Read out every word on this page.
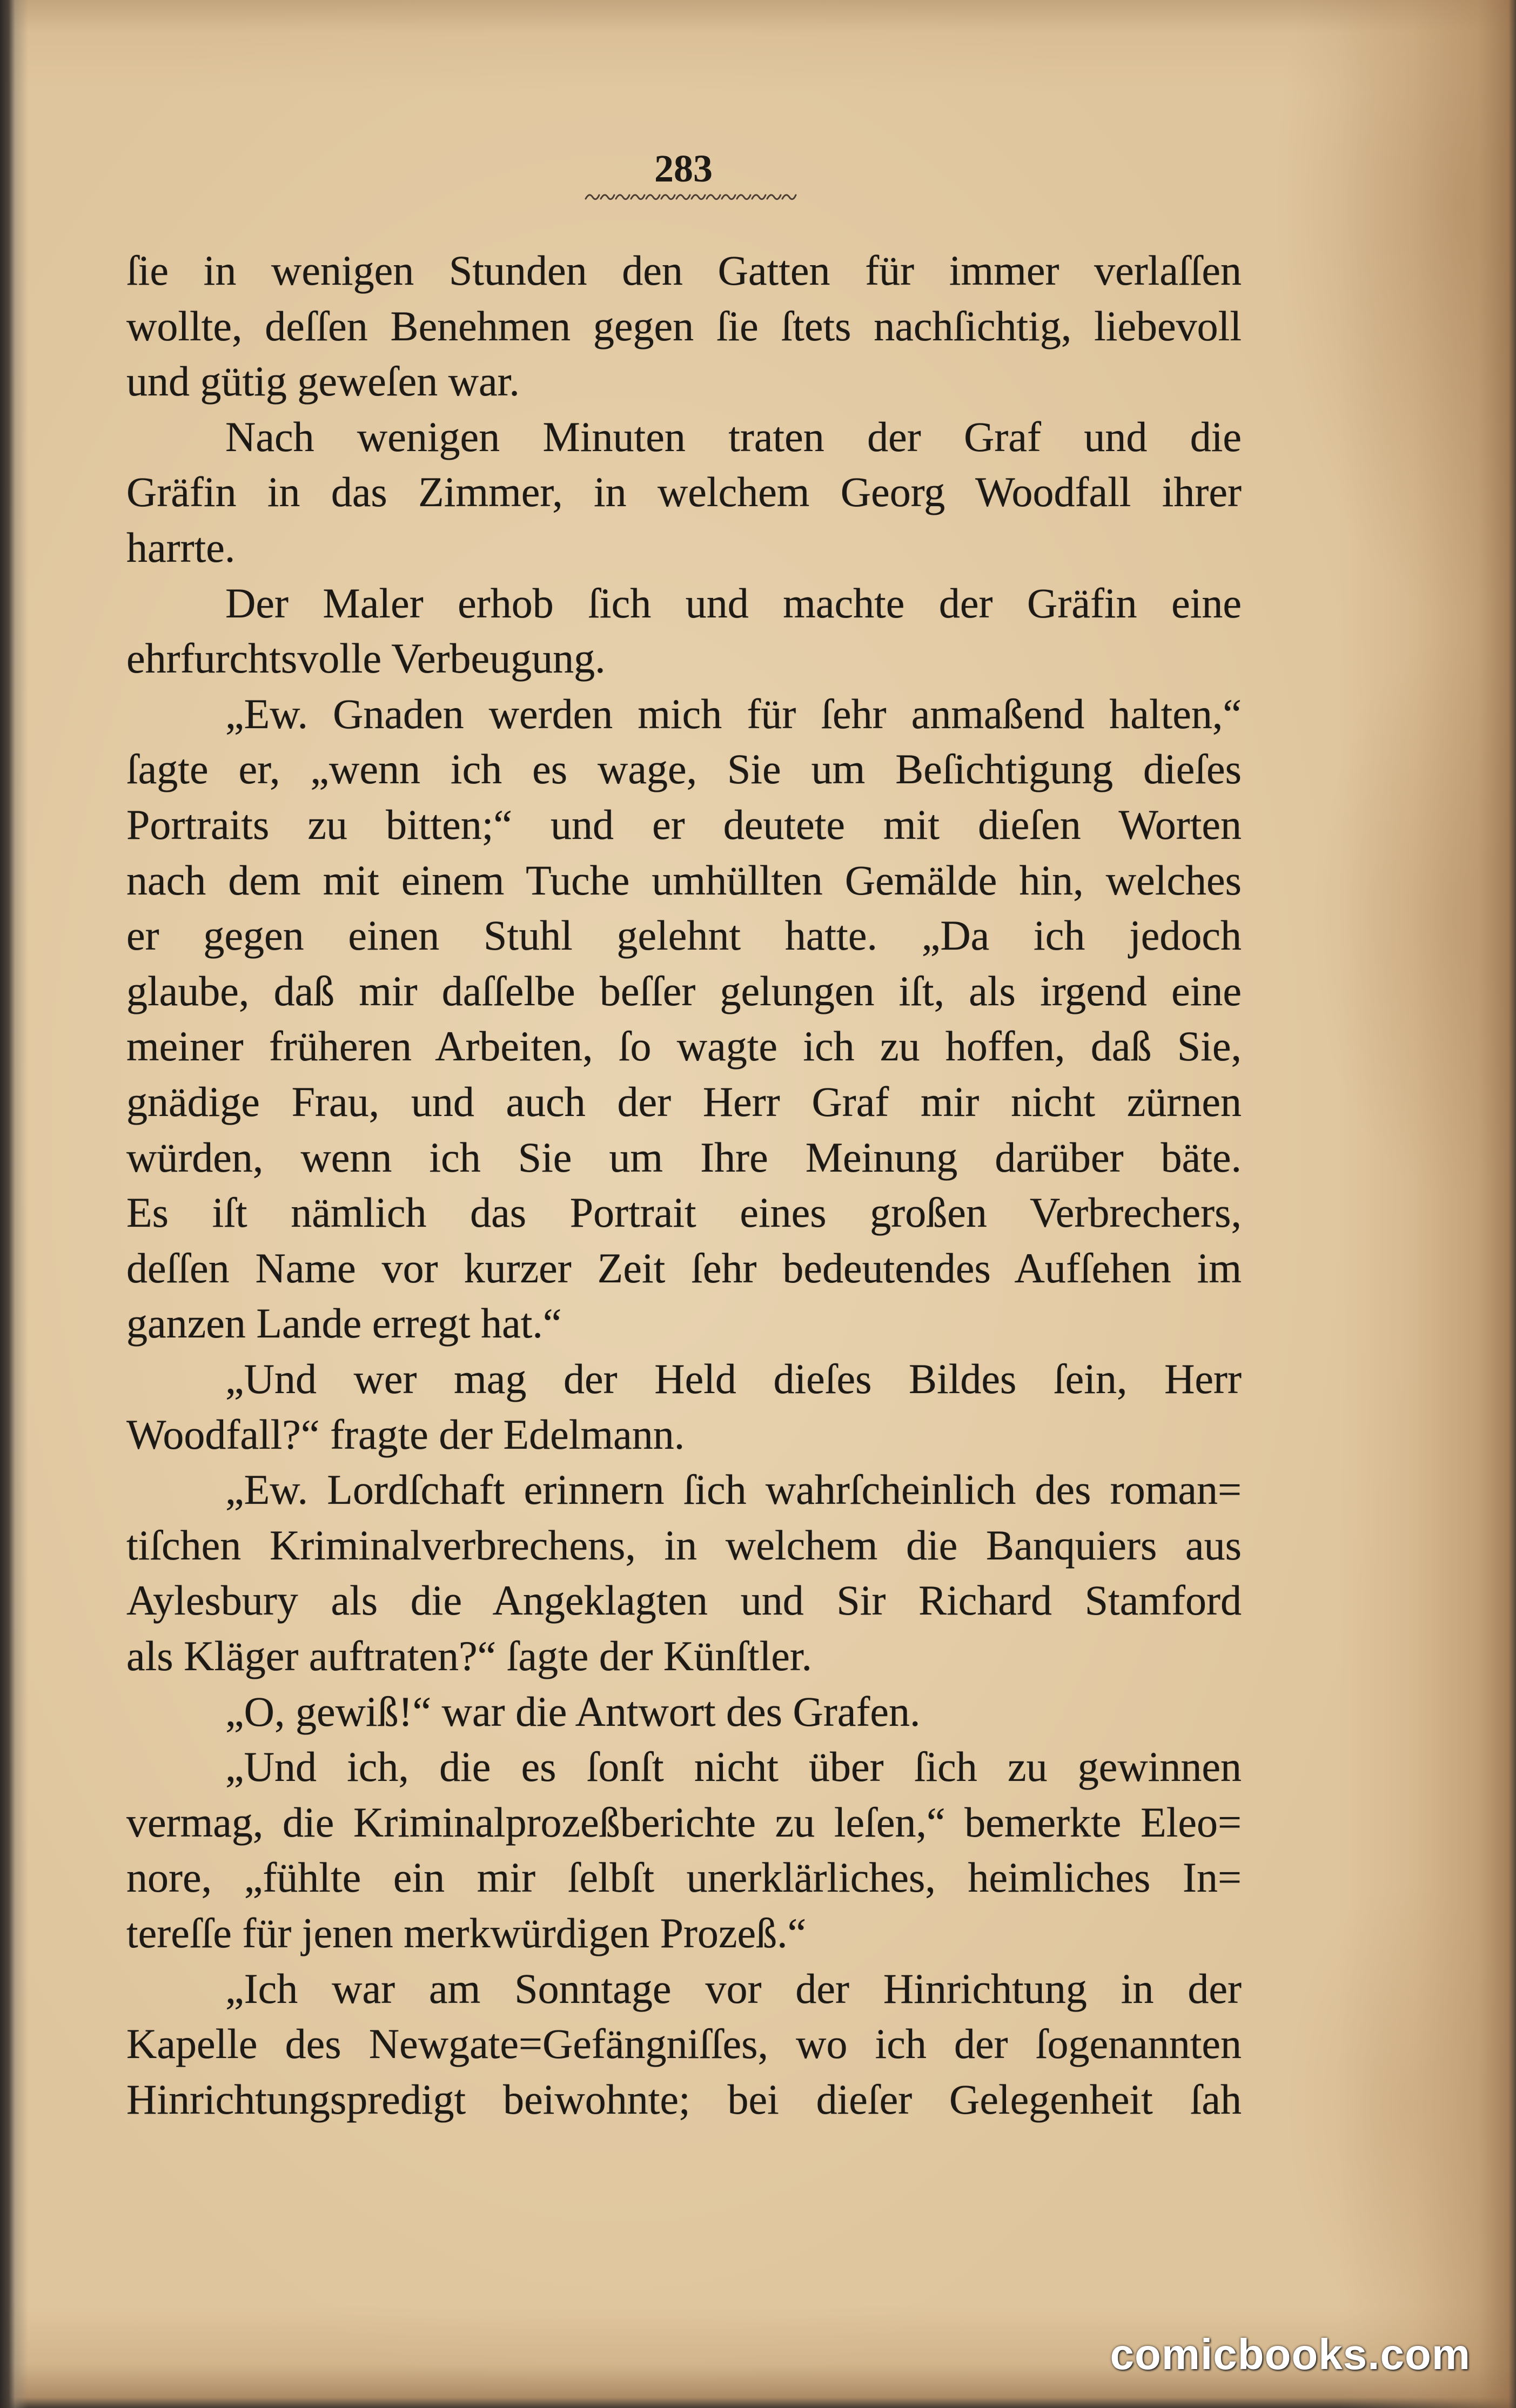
283
ſie in wenigen Stunden den Gatten für immer verlaſſen
wollte, deſſen Benehmen gegen ſie ſtets nachſichtig, liebevoll
und gütig geweſen war.
Nach wenigen Minuten traten der Graf und die
Gräfin in das Zimmer, in welchem Georg Woodfall ihrer
harrte.
Der Maler erhob ſich und machte der Gräfin eine
ehrfurchtsvolle Verbeugung.
„Ew. Gnaden werden mich für ſehr anmaßend halten,“
ſagte er, „wenn ich es wage, Sie um Beſichtigung dieſes
Portraits zu bitten;“ und er deutete mit dieſen Worten
nach dem mit einem Tuche umhüllten Gemälde hin, welches
er gegen einen Stuhl gelehnt hatte. „Da ich jedoch
glaube, daß mir daſſelbe beſſer gelungen iſt, als irgend eine
meiner früheren Arbeiten, ſo wagte ich zu hoffen, daß Sie,
gnädige Frau, und auch der Herr Graf mir nicht zürnen
würden, wenn ich Sie um Ihre Meinung darüber bäte.
Es iſt nämlich das Portrait eines großen Verbrechers,
deſſen Name vor kurzer Zeit ſehr bedeutendes Aufſehen im
ganzen Lande erregt hat.“
„Und wer mag der Held dieſes Bildes ſein, Herr
Woodfall?“ fragte der Edelmann.
„Ew. Lordſchaft erinnern ſich wahrſcheinlich des roman=
tiſchen Kriminalverbrechens, in welchem die Banquiers aus
Aylesbury als die Angeklagten und Sir Richard Stamford
als Kläger auftraten?“ ſagte der Künſtler.
„O, gewiß!“ war die Antwort des Grafen.
„Und ich, die es ſonſt nicht über ſich zu gewinnen
vermag, die Kriminalprozeßberichte zu leſen,“ bemerkte Eleo=
nore, „fühlte ein mir ſelbſt unerklärliches, heimliches In=
tereſſe für jenen merkwürdigen Prozeß.“
„Ich war am Sonntage vor der Hinrichtung in der
Kapelle des Newgate=Gefängniſſes, wo ich der ſogenannten
Hinrichtungspredigt beiwohnte; bei dieſer Gelegenheit ſah
comicbooks.com
